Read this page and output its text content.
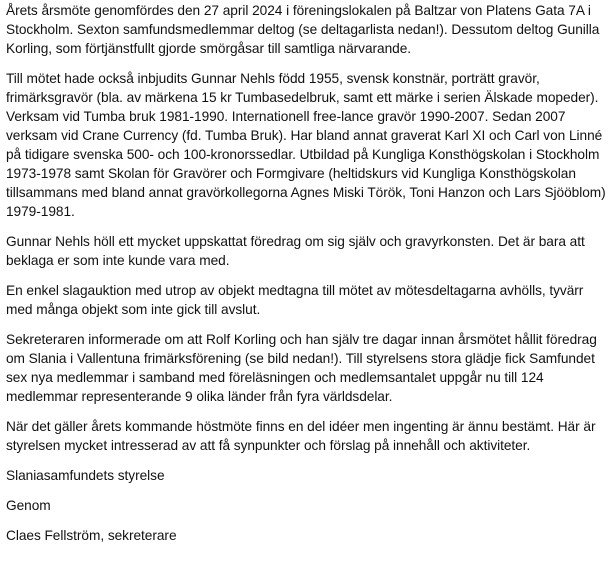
Årets årsmöte genomfördes den 27 april 2024 i föreningslokalen på Baltzar von Platens Gata 7A i Stockholm. Sexton samfundsmedlemmar deltog (se deltagarlista nedan!). Dessutom deltog Gunilla Korling, som förtjänstfullt gjorde smörgåsar till samtliga närvarande.

Till mötet hade också inbjudits Gunnar Nehls född 1955, svensk konstnär, porträtt gravör, frimärksgravör (bla. av märkena 15 kr Tumbasedelbruk, samt ett märke i serien Älskade mopeder). Verksam vid Tumba bruk 1981-1990. Internationell free-lance gravör 1990-2007. Sedan 2007 verksam vid Crane Currency (fd. Tumba Bruk). Har bland annat graverat Karl XI och Carl von Linné på tidigare svenska 500- och 100-kronorssedlar. Utbildad på Kungliga Konsthögskolan i Stockholm 1973-1978 samt Skolan för Gravörer och Formgivare (heltidskurs vid Kungliga Konsthögskolan tillsammans med bland annat gravörkollegorna Agnes Miski Török, Toni Hanzon och Lars Sjööblom) 1979-1981.

Gunnar Nehls höll ett mycket uppskattat föredrag om sig själv och gravyrkonsten. Det är bara att beklaga er som inte kunde vara med.

En enkel slagauktion med utrop av objekt medtagna till mötet av mötesdeltagarna avhölls, tyvärr med många objekt som inte gick till avslut.

Sekreteraren informerade om att Rolf Korling och han själv tre dagar innan årsmötet hållit föredrag om Slania i Vallentuna frimärksförening (se bild nedan!). Till styrelsens stora glädje fick Samfundet sex nya medlemmar i samband med föreläsningen och medlemsantalet uppgår nu till 124 medlemmar representerande 9 olika länder från fyra världsdelar.

När det gäller årets kommande höstmöte finns en del idéer men ingenting är ännu bestämt. Här är styrelsen mycket intresserad av att få synpunkter och förslag på innehåll och aktiviteter.

Slaniasamfundets styrelse

Genom

Claes Fellström, sekreterare
